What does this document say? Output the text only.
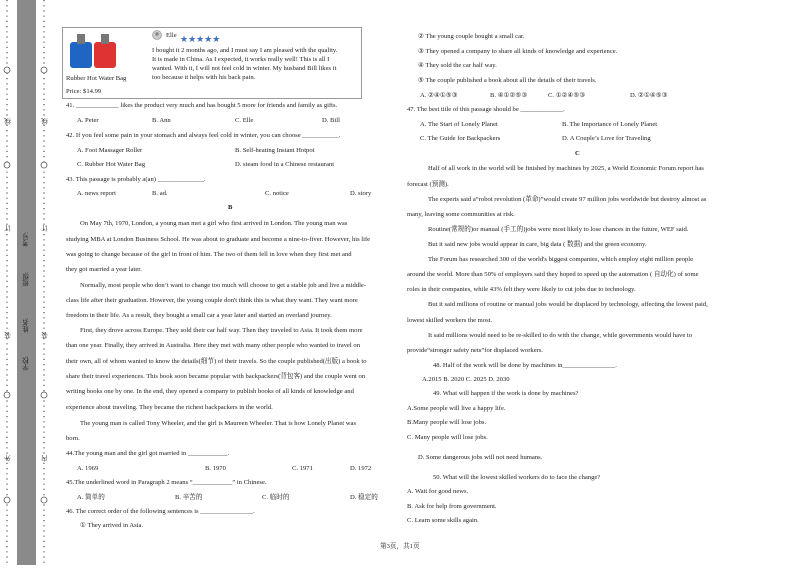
装
订
线
外
装
订
线
内
学校:
姓名:
班级:
考号:
Rubber Hot Water Bag
Price: $14.99
Elle ★★★★★
I bought it 2 months ago, and I must say I am pleased with the quality.
It is made in China. As I expected, it works really well! This is all I
wanted. With it, I will not feel cold in winter. My husband Bill likes it
too because it helps with his back pain.
41. _____________ likes the product very much and has bought 5 more for friends and family as gifts.
A. Peter	B. Ann	C. Elle	D. Bill
42. If you feel some pain in your stomach and always feel cold in winter, you can choose ___________.
A. Foot Massager Roller	B. Self-heating Instant Hotpot
C. Rubber Hot Water Bag	D. steam food in a Chinese restaurant
43. This passage is probably a(an) ______________.
A. news report	B. ad.	C. notice	D. story
B
On May 7th, 1970, London, a young man met a girl who first arrived in London. The young man was
studying MBA at London Business School. He was about to graduate and become a nine-to-fiver. However, his life
was going to change because of the girl in front of him. The two of them fell in love when they first met and
they got married a year later.
Normally, most people who don’t want to change too much will choose to get a stable job and live a middle-
class life after their graduation. However, the young couple don't think this is what they want. They want more
freedom in their life. As a result, they bought a small car a year later and started an overland journey.
First, they drove across Europe. They sold their car half way. Then they traveled to Asia. It took them more
than one year. Finally, they arrived in Australia. Here they met with many other people who wanted to travel on
their own, all of whom wanted to know the details(细节) of their travels. So the couple published(出版) a book to
share their travel experiences. This book soon became popular with backpackers(背包客) and the couple went on
writing books one by one. In the end, they opened a company to publish books of all kinds of knowledge and
experience about traveling. They became the richest backpackers in the world.
The young man is called Tony Wheeler, and the girl is Maureen Wheeler. That is how Lonely Planet was
born.
44.The young man and the girl got married in ____________.
A. 1969	B. 1970	C. 1971	D. 1972
45.The underlined word in Paragraph 2 means “____________” in Chinese.
A. 简单的	B. 辛苦的	C. 临时的	D. 稳定的
46. The correct order of the following sentences is ________________.
① They arrived in Asia.
② The young couple bought a small car.
③ They opened a company to share all kinds of knowledge and experience.
④ They sold the car half way.
⑤ The couple published a book about all the details of their travels.
A. ②④①⑤③	B. ④①②⑤③	C. ①②④⑤③	D. ②①④⑤③
47. The best title of this passage should be _____________.
A. The Start of Lonely Planet	B. The Importance of Lonely Planet
C. The Guide for Backpackers	D. A Couple’s Love for Traveling
C
Half of all work in the world will be finished by machines by 2025, a World Economic Forum report has
forecast (预测).
The experts said a“robot revolution (革命)”would create 97 million jobs worldwide but destroy almost as
many, leaving some communities at risk.
Routine(常规的)or manual (手工的)jobs were most likely to lose chances in the future, WEF said.
But it said new jobs would appear in care, big data ( 数据) and the green economy.
The Forum has researched 300 of the world's biggest companies, which employ eight million people
around the world. More than 50% of employers said they hoped to speed up the automation ( 自动化) of some
roles in their companies, while 43% felt they were likely to cut jobs due to technology.
But it said millions of routine or manual jobs would be displaced by technology, affecting the lowest paid,
lowest skilled workers the most.
It said millions would need to be re-skilled to do with the change, while governments would have to
provide“stronger safety nets”for displaced workers.
48. Half of the work will be done by machines in________________.
A.2015 B. 2020 C. 2025 D. 2030
49. What will happen if the work is done by machines?
A.Some people will live a happy life.
B.Many people will lose jobs.
C. Many people will lose jobs.
D. Some dangerous jobs will not need humans.
50. What will the lowest skilled workers do to face the change?
A. Wait for good news.
B. Ask for help from government.
C. Learn some skills again.
第3页，共1页
